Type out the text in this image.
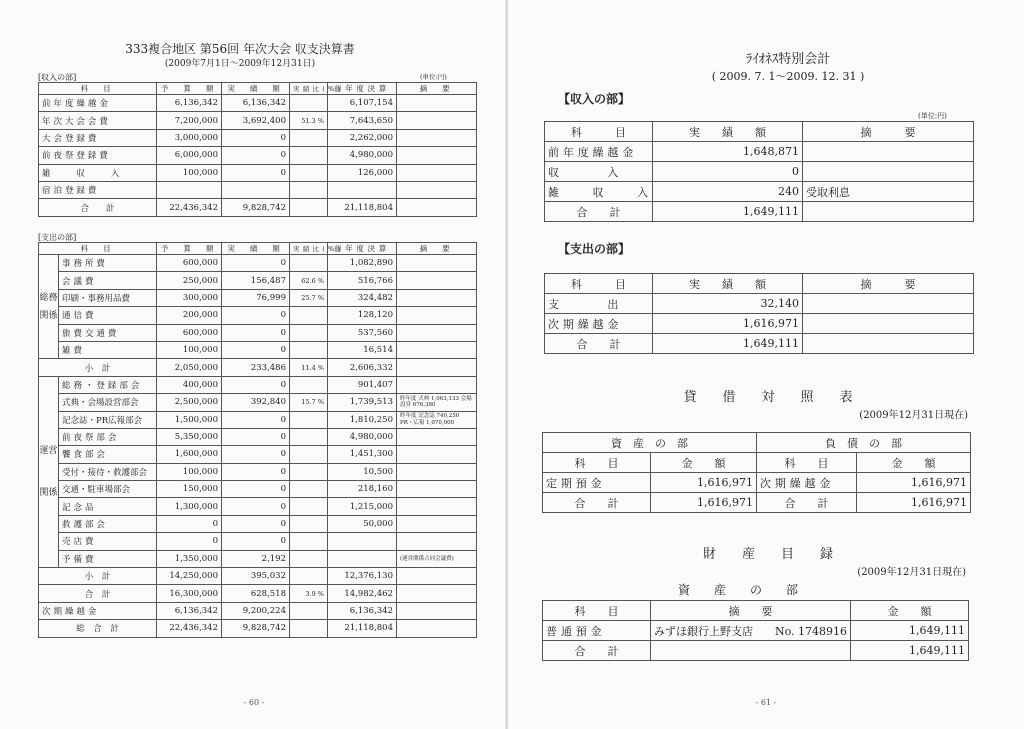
333複合地区 第56回 年次大会 収支決算書
(2009年7月1日～2009年12月31日)
[収入の部]	(単位:円)
科　目	予　算　額	実　績　額	実績比(%)	前年度決算	摘　要
前年度繰越金	6,136,342	6,136,342		6,107,154	
年次大会会費	7,200,000	3,692,400	51.3 %	7,643,650	
大会登録費	3,000,000	0		2,262,000	
前夜祭登録費	6,000,000	0		4,980,000	
雑　　収　　入	100,000	0		126,000	
宿泊登録費					
合　　計	22,436,342	9,828,742		21,118,804	
[支出の部]
科　目		予　算　額	実　績　額	実績比(%)	前年度決算	摘　要
総務関係	事務所費	600,000	0		1,082,890	
	会議費	250,000	156,487	62.6 %	516,766	
	印刷・事務用品費	300,000	76,999	25.7 %	324,482	
	通信費	200,000	0		128,120	
	旅費交通費	600,000	0		537,560	
	雑費	100,000	0		16,514	
小　計		2,050,000	233,486	11.4 %	2,606,332	
運営関係	総務・登録部会	400,000	0		901,407	
	式典・会場設営部会	2,500,000	392,840	15.7 %	1,739,513	昨年度 式典 1,063,133 会場設営 676,380
	記念誌・PR広報部会	1,500,000	0		1,810,250	昨年度 記念誌 740,250 PR・広報 1,070,000
	前夜祭部会	5,350,000	0		4,980,000	
	饗食部会	1,600,000	0		1,451,300	
	受付・接待・救護部会	100,000	0		10,500	
	交通・駐車場部会	150,000	0		218,160	
	記念品	1,300,000	0		1,215,000	
	救護部会	0	0		50,000	
	売店費	0	0			
	予備費	1,350,000	2,192			(運営関係合同会議費)
小　計		14,250,000	395,032		12,376,130	
合　計		16,300,000	628,518	3.9 %	14,982,462	
次期繰越金		6,136,342	9,200,224		6,136,342	
総　合　計		22,436,342	9,828,742		21,118,804	
- 60 -
ﾗｲｵﾈｽ特別会計
( 2009. 7. 1～2009. 12. 31 )
【収入の部】
(単位:円)
科　　　目	実　　績　　額	摘　　　要
前年度繰越金	1,648,871	
収　　　入	0	
雑　　収　　入	240	受取利息
合　　計	1,649,111	
【支出の部】
科　　　目	実　　績　　額	摘　　　要
支　　　出	32,140	
次期繰越金	1,616,971	
合　　計	1,649,111	
貸　　借　　対　　照　　表
(2009年12月31日現在)
資　産　の　部		負　債　の　部	
科　　目	金　　額	科　　目	金　　額
定期預金	1,616,971	次期繰越金	1,616,971
合　　計	1,616,971	合　　計	1,616,971
財　　産　　目　　録
(2009年12月31日現在)
資　　産　　の　　部
科　　目	摘　　要	金　　額
普通預金	みずほ銀行上野支店　　No. 1748916	1,649,111
合　　計		1,649,111
- 61 -
